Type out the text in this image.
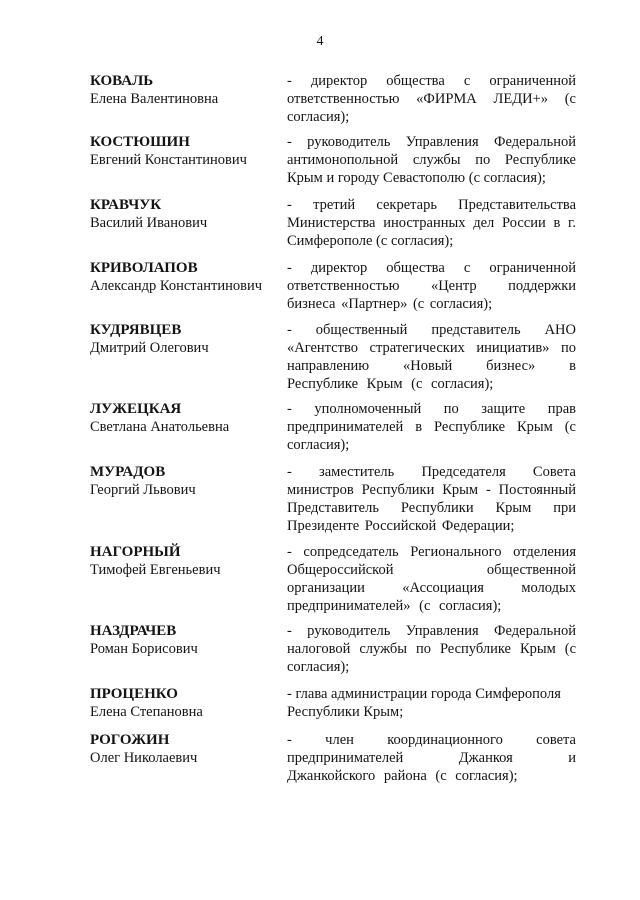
4
КОВАЛЬ
Елена Валентиновна

- директор общества с ограниченной ответственностью «ФИРМА ЛЕДИ+» (с согласия);

КОСТЮШИН
Евгений Константинович

- руководитель Управления Федеральной антимонопольной службы по Республике Крым и городу Севастополю (с согласия);

КРАВЧУК
Василий Иванович

- третий секретарь Представительства Министерства иностранных дел России в г. Симферополе (с согласия);

КРИВОЛАПОВ
Александр Константинович

- директор общества с ограниченной ответственностью «Центр поддержки бизнеса «Партнер» (с согласия);

КУДРЯВЦЕВ
Дмитрий Олегович

- общественный представитель АНО «Агентство стратегических инициатив» по направлению «Новый бизнес» в Республике Крым (с согласия);

ЛУЖЕЦКАЯ
Светлана Анатольевна

- уполномоченный по защите прав предпринимателей в Республике Крым (с согласия);

МУРАДОВ
Георгий Львович

- заместитель Председателя Совета министров Республики Крым - Постоянный Представитель Республики Крым при Президенте Российской Федерации;

НАГОРНЫЙ
Тимофей Евгеньевич

- сопредседатель Регионального отделения Общероссийской общественной организации «Ассоциация молодых предпринимателей» (с согласия);

НАЗДРАЧЕВ
Роман Борисович

- руководитель Управления Федеральной налоговой службы по Республике Крым (с согласия);

ПРОЦЕНКО
Елена Степановна

- глава администрации города Симферополя Республики Крым;

РОГОЖИН
Олег Николаевич

- член координационного совета предпринимателей Джанкоя и Джанкойского района (с согласия);
